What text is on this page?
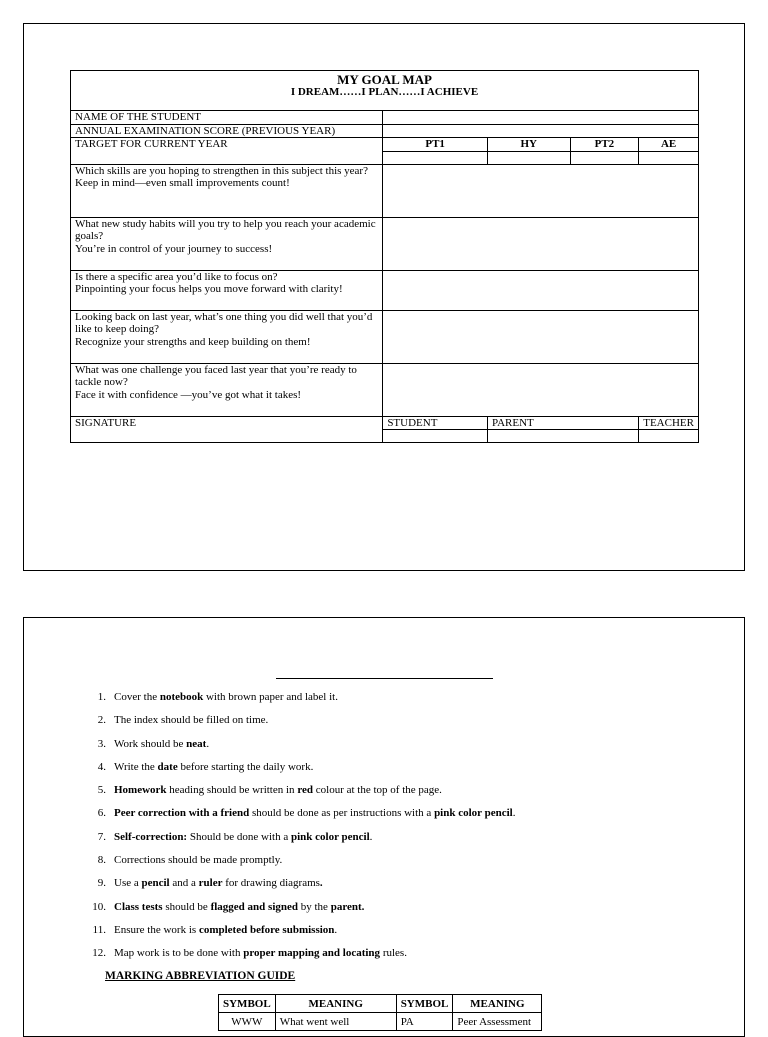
MY GOAL MAP
I DREAM……I PLAN……I ACHIEVE				

NAME OF THE STUDENT				
ANNUAL EXAMINATION SCORE (PREVIOUS YEAR)				
TARGET FOR CURRENT YEAR	PT1	HY	PT2	AE

Which skills are you hoping to strengthen in this subject this year?
Keep in mind—even small improvements count!				

What new study habits will you try to help you reach your academic goals?
You’re in control of your journey to success!				

Is there a specific area you’d like to focus on?
Pinpointing your focus helps you move forward with clarity!				

Looking back on last year, what’s one thing you did well that you’d like to keep doing?
Recognize your strengths and keep building on them!				

What was one challenge you faced last year that you’re ready to tackle now?
Face it with confidence —you’ve got what it takes!				

SIGNATURE	STUDENT	PARENT		TEACHER

1. Cover the notebook with brown paper and label it.
2. The index should be filled on time.
3. Work should be neat.
4. Write the date before starting the daily work.
5. Homework heading should be written in red colour at the top of the page.
6. Peer correction with a friend should be done as per instructions with a pink color pencil.
7. Self-correction: Should be done with a pink color pencil.
8. Corrections should be made promptly.
9. Use a pencil and a ruler for drawing diagrams.
10. Class tests should be flagged and signed by the parent.
11. Ensure the work is completed before submission.
12. Map work is to be done with proper mapping and locating rules.
MARKING ABBREVIATION GUIDE
SYMBOL	MEANING	SYMBOL	MEANING
WWW	What went well	PA	Peer Assessment
